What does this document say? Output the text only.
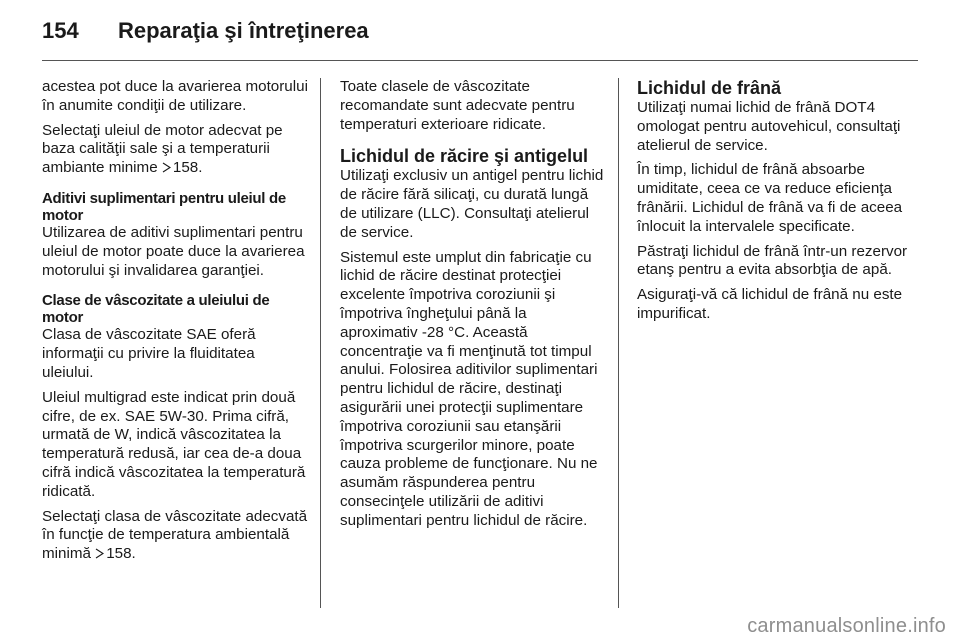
154 Reparaţia şi întreţinerea

acestea pot duce la avarierea motorului în anumite condiţii de utilizare.

Selectaţi uleiul de motor adecvat pe baza calităţii sale şi a temperaturii ambiante minime 158.

Aditivi suplimentari pentru uleiul de motor

Utilizarea de aditivi suplimentari pentru uleiul de motor poate duce la avarierea motorului şi invalidarea garanţiei.

Clase de vâscozitate a uleiului de motor

Clasa de vâscozitate SAE oferă informaţii cu privire la fluiditatea uleiului.

Uleiul multigrad este indicat prin două cifre, de ex. SAE 5W-30. Prima cifră, urmată de W, indică vâscozitatea la temperatură redusă, iar cea de-a doua cifră indică vâscozitatea la temperatură ridicată.

Selectaţi clasa de vâscozitate adecvată în funcţie de temperatura ambientală minimă 158.

Toate clasele de vâscozitate recomandate sunt adecvate pentru temperaturi exterioare ridicate.

Lichidul de răcire şi antigelul

Utilizaţi exclusiv un antigel pentru lichid de răcire fără silicaţi, cu durată lungă de utilizare (LLC). Consultaţi atelierul de service.

Sistemul este umplut din fabricaţie cu lichid de răcire destinat protecţiei excelente împotriva coroziunii şi împotriva îngheţului până la aproximativ -28 °C. Această concentraţie va fi menţinută tot timpul anului. Folosirea aditivilor suplimentari pentru lichidul de răcire, destinaţi asigurării unei protecţii suplimentare împotriva coroziunii sau etanşării împotriva scurgerilor minore, poate cauza probleme de funcţionare. Nu ne asumăm răspunderea pentru consecinţele utilizării de aditivi suplimentari pentru lichidul de răcire.

Lichidul de frână

Utilizaţi numai lichid de frână DOT4 omologat pentru autovehicul, consultaţi atelierul de service.

În timp, lichidul de frână absoarbe umiditate, ceea ce va reduce eficienţa frânării. Lichidul de frână va fi de aceea înlocuit la intervalele specificate.

Păstraţi lichidul de frână într-un rezervor etanş pentru a evita absorbţia de apă.

Asiguraţi-vă că lichidul de frână nu este impurificat.

carmanualsonline.info
